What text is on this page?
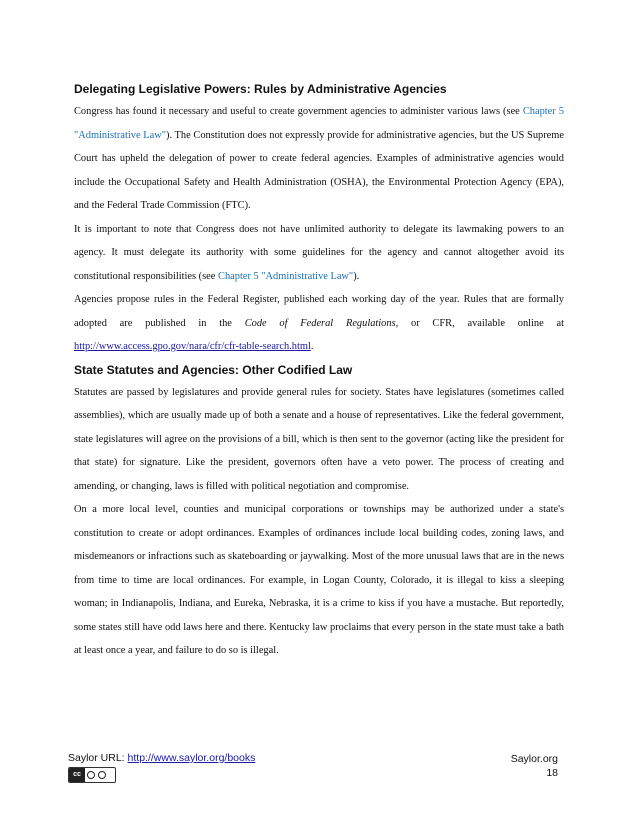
Delegating Legislative Powers: Rules by Administrative Agencies

Congress has found it necessary and useful to create government agencies to administer various laws (see Chapter 5 "Administrative Law"). The Constitution does not expressly provide for administrative agencies, but the US Supreme Court has upheld the delegation of power to create federal agencies. Examples of administrative agencies would include the Occupational Safety and Health Administration (OSHA), the Environmental Protection Agency (EPA), and the Federal Trade Commission (FTC).

It is important to note that Congress does not have unlimited authority to delegate its lawmaking powers to an agency. It must delegate its authority with some guidelines for the agency and cannot altogether avoid its constitutional responsibilities (see Chapter 5 "Administrative Law").

Agencies propose rules in the Federal Register, published each working day of the year. Rules that are formally adopted are published in the Code of Federal Regulations, or CFR, available online at http://www.access.gpo.gov/nara/cfr/cfr-table-search.html.

State Statutes and Agencies: Other Codified Law

Statutes are passed by legislatures and provide general rules for society. States have legislatures (sometimes called assemblies), which are usually made up of both a senate and a house of representatives. Like the federal government, state legislatures will agree on the provisions of a bill, which is then sent to the governor (acting like the president for that state) for signature. Like the president, governors often have a veto power. The process of creating and amending, or changing, laws is filled with political negotiation and compromise.

On a more local level, counties and municipal corporations or townships may be authorized under a state's constitution to create or adopt ordinances. Examples of ordinances include local building codes, zoning laws, and misdemeanors or infractions such as skateboarding or jaywalking. Most of the more unusual laws that are in the news from time to time are local ordinances. For example, in Logan County, Colorado, it is illegal to kiss a sleeping woman; in Indianapolis, Indiana, and Eureka, Nebraska, it is a crime to kiss if you have a mustache. But reportedly, some states still have odd laws here and there. Kentucky law proclaims that every person in the state must take a bath at least once a year, and failure to do so is illegal.

Saylor URL: http://www.saylor.org/books
cc

Saylor.org
18
